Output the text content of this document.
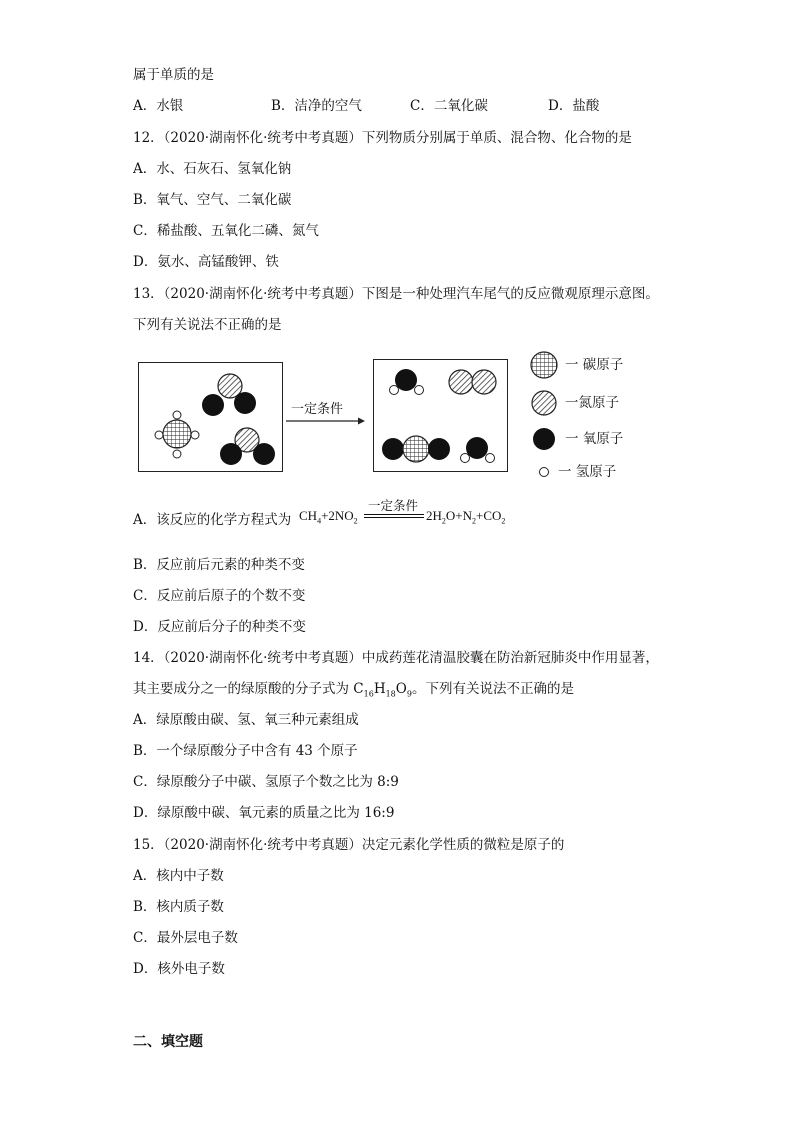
属于单质的是
A．水银	B．洁净的空气	C．二氧化碳	D．盐酸
12．（2020·湖南怀化·统考中考真题）下列物质分别属于单质、混合物、化合物的是
A．水、石灰石、氢氧化钠
B．氧气、空气、二氧化碳
C．稀盐酸、五氧化二磷、氮气
D．氨水、高锰酸钾、铁
13．（2020·湖南怀化·统考中考真题）下图是一种处理汽车尾气的反应微观原理示意图。
下列有关说法不正确的是
一定条件
一 碳原子
一氮原子
一 氧原子
一 氢原子
A．该反应的化学方程式为 $CH_4+2NO_2$
一定条件
$2H_2O+N_2+CO_2$
B．反应前后元素的种类不变
C．反应前后原子的个数不变
D．反应前后分子的种类不变
14．（2020·湖南怀化·统考中考真题）中成药莲花清温胶囊在防治新冠肺炎中作用显著，
其主要成分之一的绿原酸的分子式为 $C_{16}H_{18}O_9$。下列有关说法不正确的是
A．绿原酸由碳、氢、氧三种元素组成
B．一个绿原酸分子中含有 43 个原子
C．绿原酸分子中碳、氢原子个数之比为 8:9
D．绿原酸中碳、氧元素的质量之比为 16:9
15．（2020·湖南怀化·统考中考真题）决定元素化学性质的微粒是原子的
A．核内中子数
B．核内质子数
C．最外层电子数
D．核外电子数
二、填空题
